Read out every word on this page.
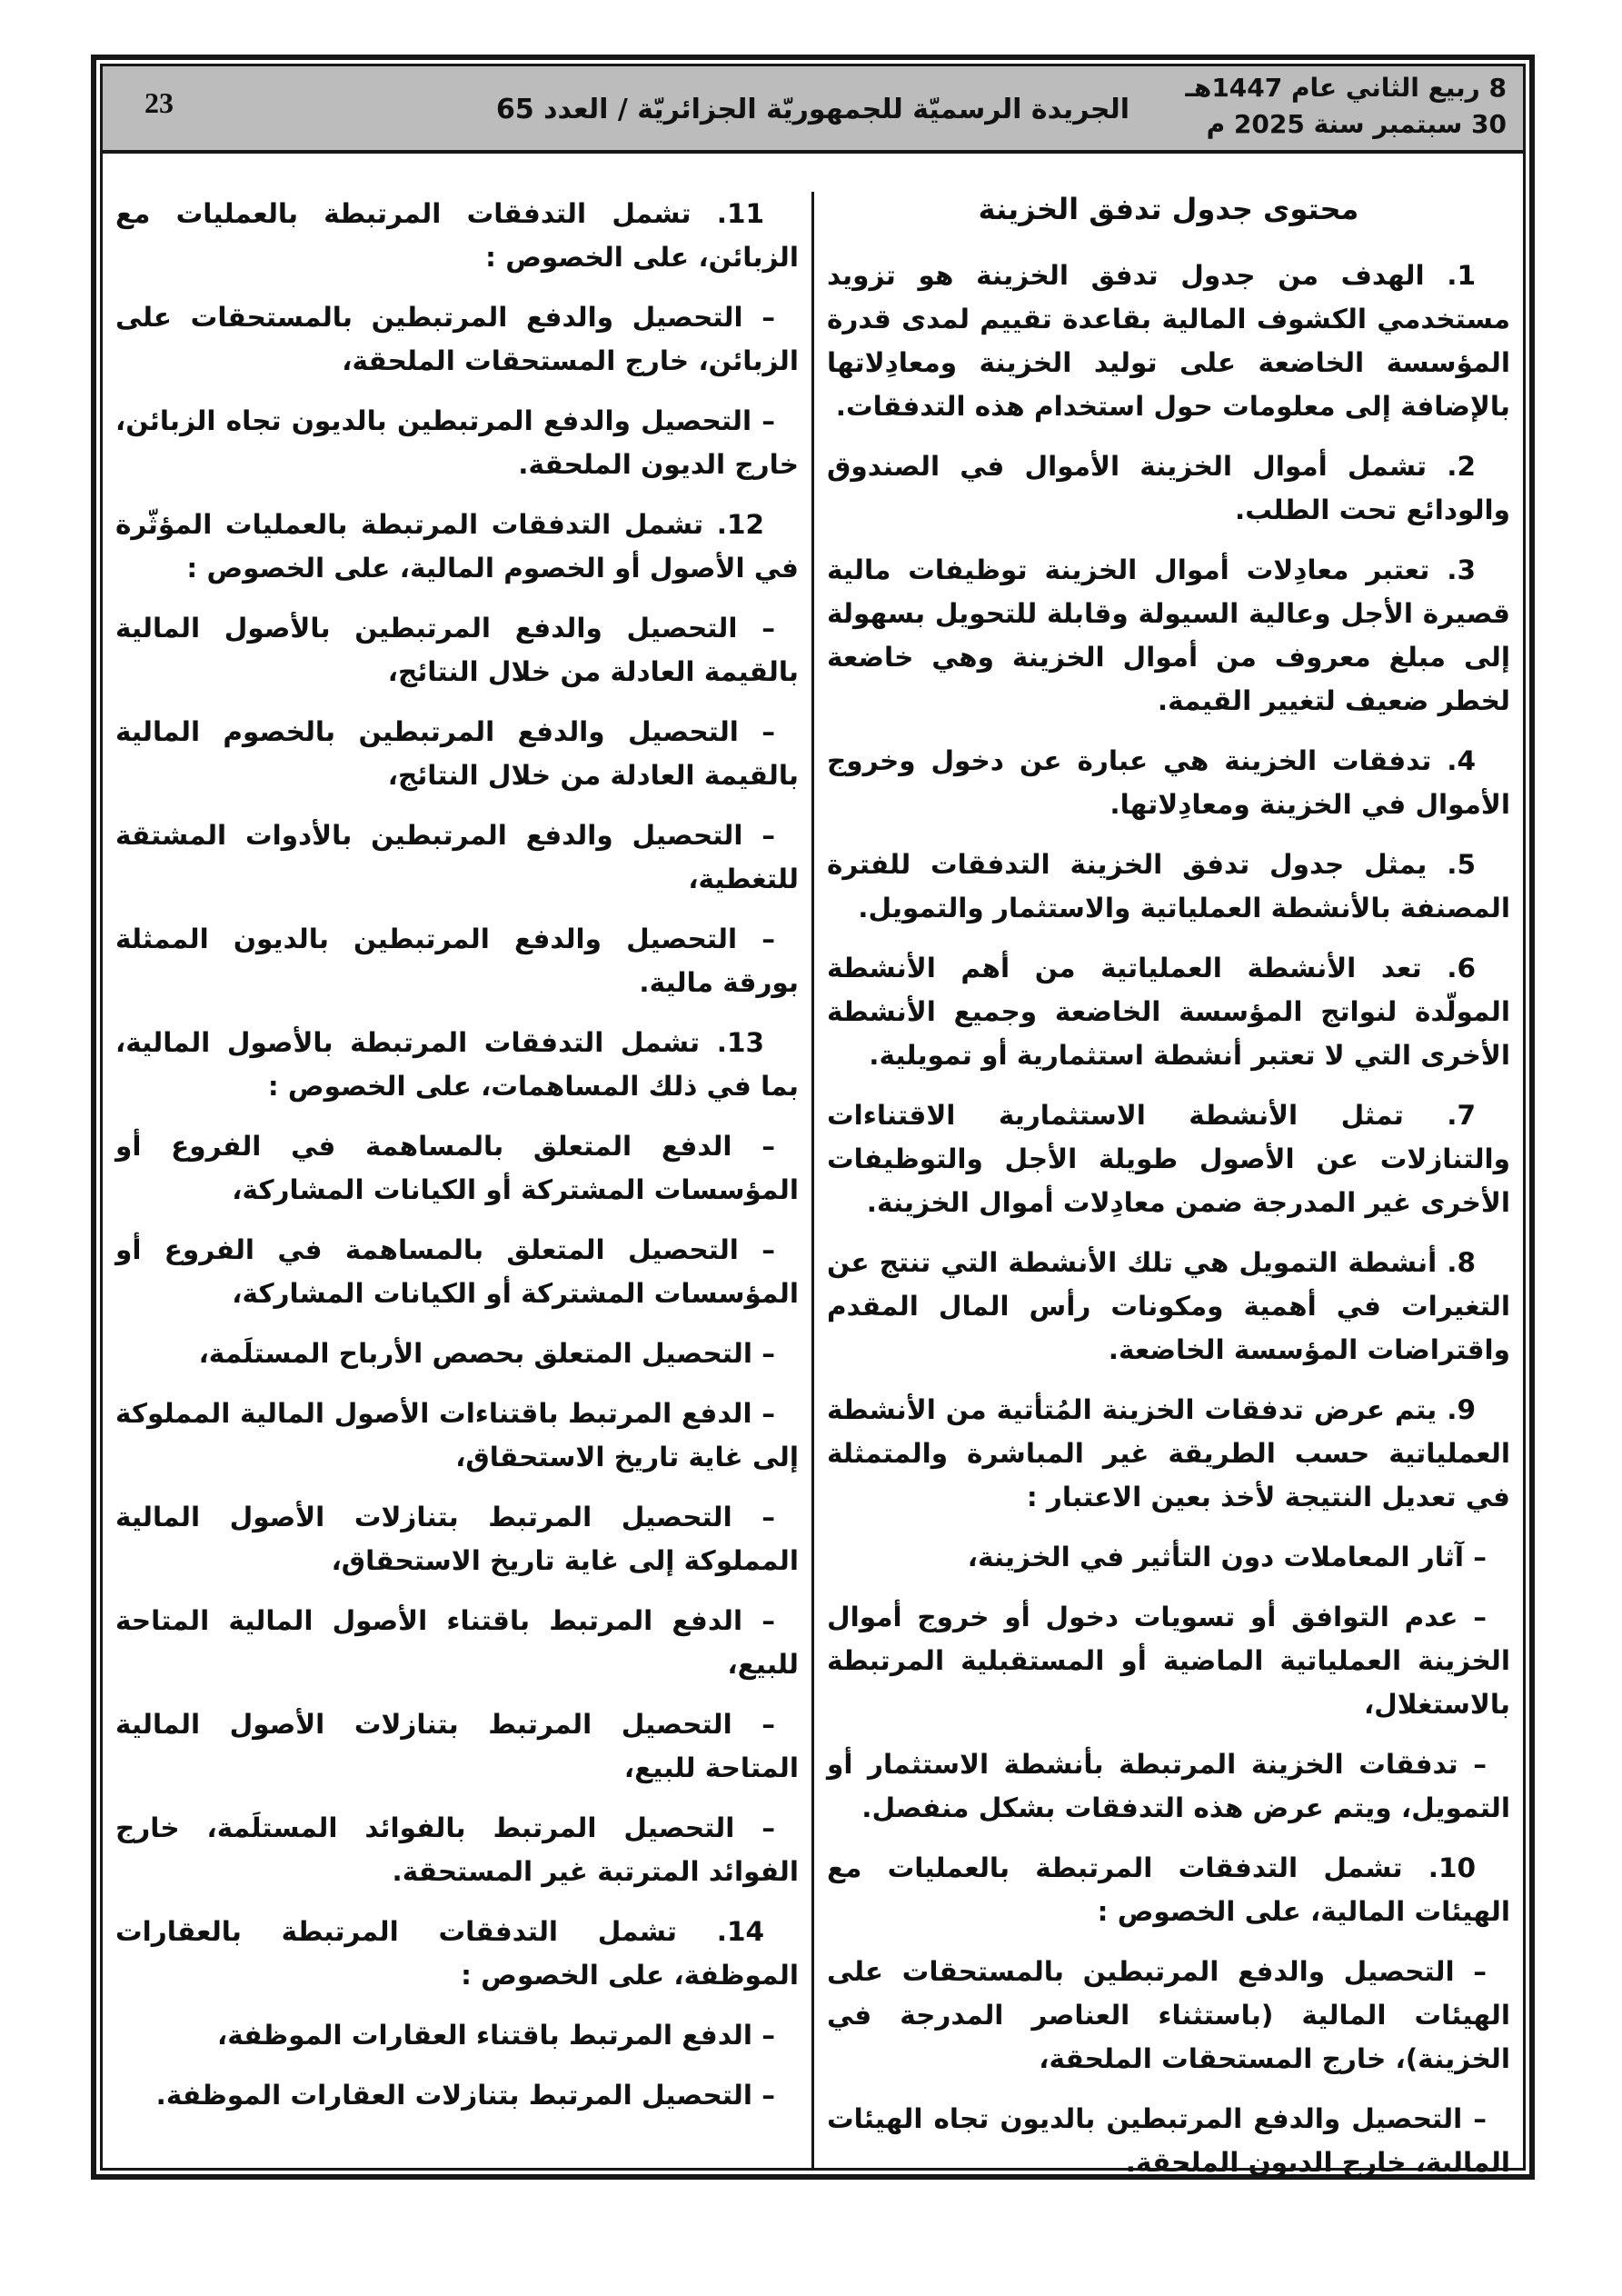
23	الجريدة الرسميّة للجمهوريّة الجزائريّة / العدد 65
8 ربيع الثاني عام 1447هـ
30 سبتمبر سنة 2025 م
محتوى جدول تدفق الخزينة

1. الهدف من جدول تدفق الخزينة هو تزويد مستخدمي الكشوف المالية بقاعدة تقييم لمدى قدرة المؤسسة الخاضعة على توليد الخزينة ومعادِلاتها بالإضافة إلى معلومات حول استخدام هذه التدفقات.

2. تشمل أموال الخزينة الأموال في الصندوق والودائع تحت الطلب.

3. تعتبر معادِلات أموال الخزينة توظيفات مالية قصيرة الأجل وعالية السيولة وقابلة للتحويل بسهولة إلى مبلغ معروف من أموال الخزينة وهي خاضعة لخطر ضعيف لتغيير القيمة.

4. تدفقات الخزينة هي عبارة عن دخول وخروج الأموال في الخزينة ومعادِلاتها.

5. يمثل جدول تدفق الخزينة التدفقات للفترة المصنفة بالأنشطة العملياتية والاستثمار والتمويل.

6. تعد الأنشطة العملياتية من أهم الأنشطة المولّدة لنواتج المؤسسة الخاضعة وجميع الأنشطة الأخرى التي لا تعتبر أنشطة استثمارية أو تمويلية.

7. تمثل الأنشطة الاستثمارية الاقتناءات والتنازلات عن الأصول طويلة الأجل والتوظيفات الأخرى غير المدرجة ضمن معادِلات أموال الخزينة.

8. أنشطة التمويل هي تلك الأنشطة التي تنتج عن التغيرات في أهمية ومكونات رأس المال المقدم واقتراضات المؤسسة الخاضعة.

9. يتم عرض تدفقات الخزينة المُتأتية من الأنشطة العملياتية حسب الطريقة غير المباشرة والمتمثلة في تعديل النتيجة لأخذ بعين الاعتبار :

– آثار المعاملات دون التأثير في الخزينة،

– عدم التوافق أو تسويات دخول أو خروج أموال الخزينة العملياتية الماضية أو المستقبلية المرتبطة بالاستغلال،

– تدفقات الخزينة المرتبطة بأنشطة الاستثمار أو التمويل، ويتم عرض هذه التدفقات بشكل منفصل.

10. تشمل التدفقات المرتبطة بالعمليات مع الهيئات المالية، على الخصوص :

– التحصيل والدفع المرتبطين بالمستحقات على الهيئات المالية (باستثناء العناصر المدرجة في الخزينة)، خارج المستحقات الملحقة،

– التحصيل والدفع المرتبطين بالديون تجاه الهيئات المالية، خارج الديون الملحقة.

11. تشمل التدفقات المرتبطة بالعمليات مع الزبائن، على الخصوص :

– التحصيل والدفع المرتبطين بالمستحقات على الزبائن، خارج المستحقات الملحقة،

– التحصيل والدفع المرتبطين بالديون تجاه الزبائن، خارج الديون الملحقة.

12. تشمل التدفقات المرتبطة بالعمليات المؤثّرة في الأصول أو الخصوم المالية، على الخصوص :

– التحصيل والدفع المرتبطين بالأصول المالية بالقيمة العادلة من خلال النتائج،

– التحصيل والدفع المرتبطين بالخصوم المالية بالقيمة العادلة من خلال النتائج،

– التحصيل والدفع المرتبطين بالأدوات المشتقة للتغطية،

– التحصيل والدفع المرتبطين بالديون الممثلة بورقة مالية.

13. تشمل التدفقات المرتبطة بالأصول المالية، بما في ذلك المساهمات، على الخصوص :

– الدفع المتعلق بالمساهمة في الفروع أو المؤسسات المشتركة أو الكيانات المشاركة،

– التحصيل المتعلق بالمساهمة في الفروع أو المؤسسات المشتركة أو الكيانات المشاركة،

– التحصيل المتعلق بحصص الأرباح المستلَمة،

– الدفع المرتبط باقتناءات الأصول المالية المملوكة إلى غاية تاريخ الاستحقاق،

– التحصيل المرتبط بتنازلات الأصول المالية المملوكة إلى غاية تاريخ الاستحقاق،

– الدفع المرتبط باقتناء الأصول المالية المتاحة للبيع،

– التحصيل المرتبط بتنازلات الأصول المالية المتاحة للبيع،

– التحصيل المرتبط بالفوائد المستلَمة، خارج الفوائد المترتبة غير المستحقة.

14. تشمل التدفقات المرتبطة بالعقارات الموظفة، على الخصوص :

– الدفع المرتبط باقتناء العقارات الموظفة،

– التحصيل المرتبط بتنازلات العقارات الموظفة.
